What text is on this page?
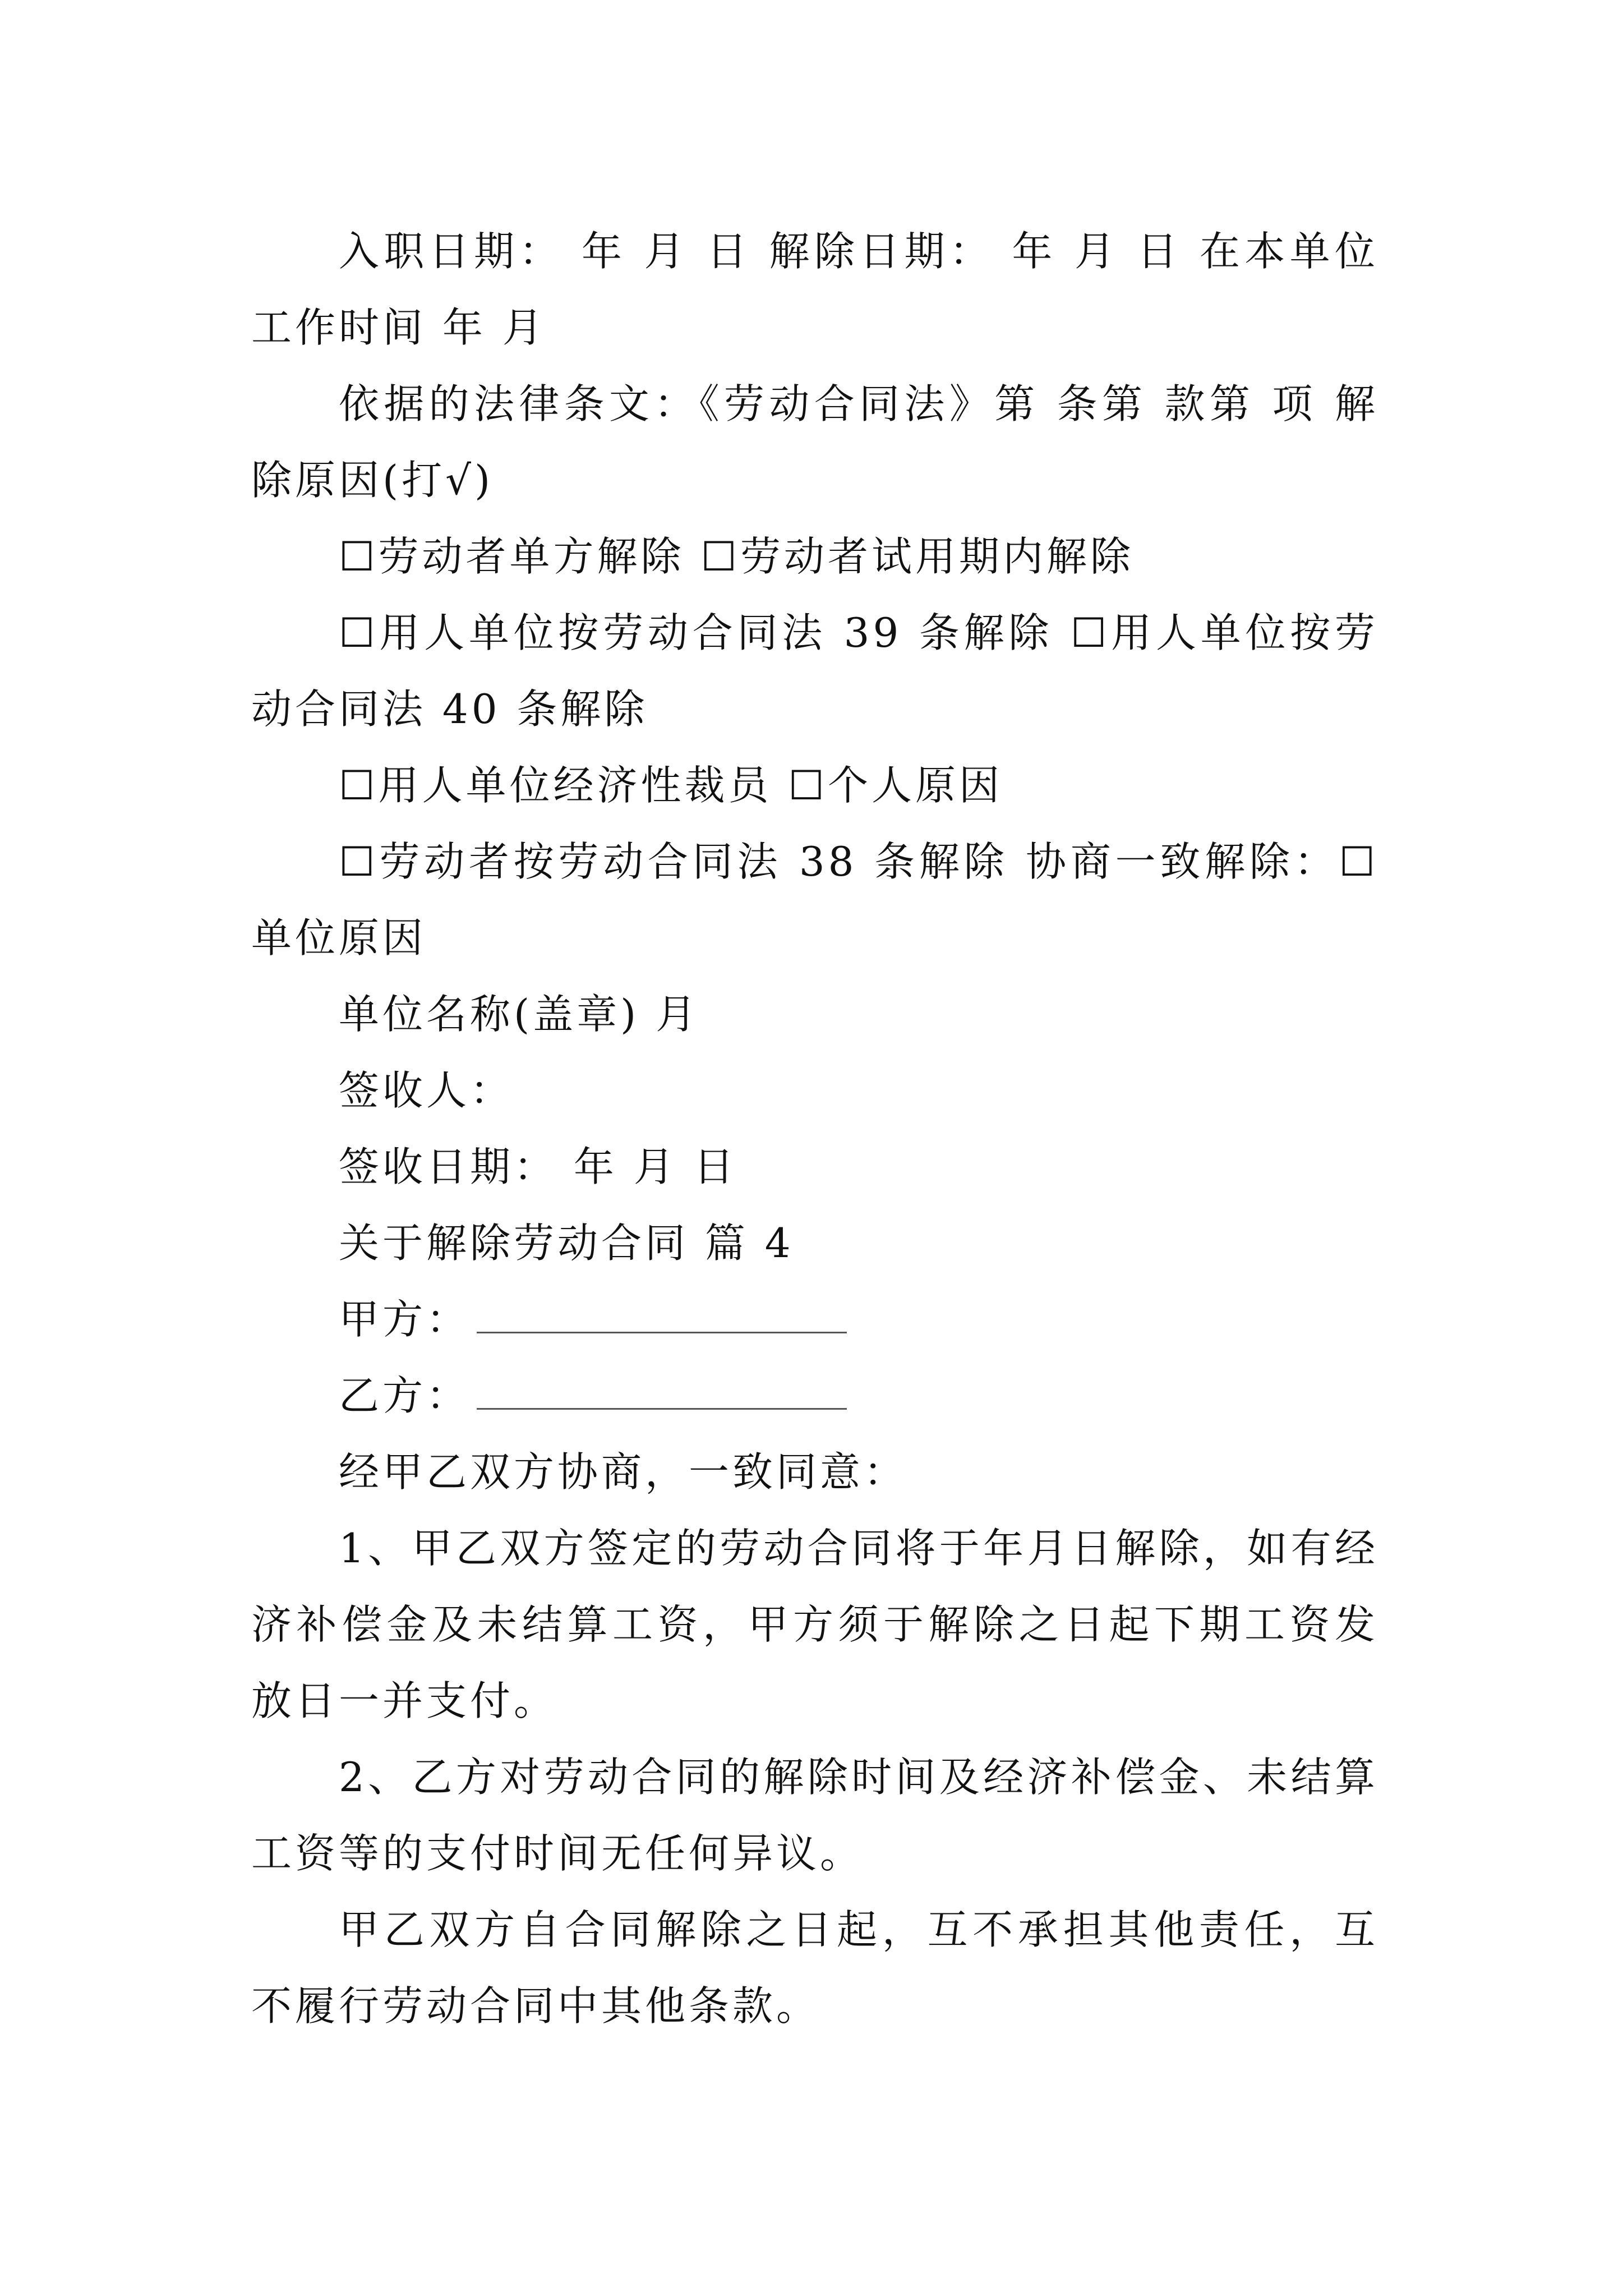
入职日期： 年 月 日 解除日期： 年 月 日 在本单位工作时间 年 月

依据的法律条文：《劳动合同法》第 条第 款第 项 解除原因(打√)

☐劳动者单方解除 ☐劳动者试用期内解除

☐用人单位按劳动合同法 39 条解除 ☐用人单位按劳动合同法 40 条解除

☐用人单位经济性裁员 ☐个人原因

☐劳动者按劳动合同法 38 条解除 协商一致解除：☐单位原因

单位名称(盖章) 月

签收人：

签收日期： 年 月 日

关于解除劳动合同 篇 4

甲方：

乙方：

经甲乙双方协商，一致同意：

1、甲乙双方签定的劳动合同将于年月日解除，如有经济补偿金及未结算工资，甲方须于解除之日起下期工资发放日一并支付。

2、乙方对劳动合同的解除时间及经济补偿金、未结算工资等的支付时间无任何异议。

甲乙双方自合同解除之日起，互不承担其他责任，互不履行劳动合同中其他条款。
